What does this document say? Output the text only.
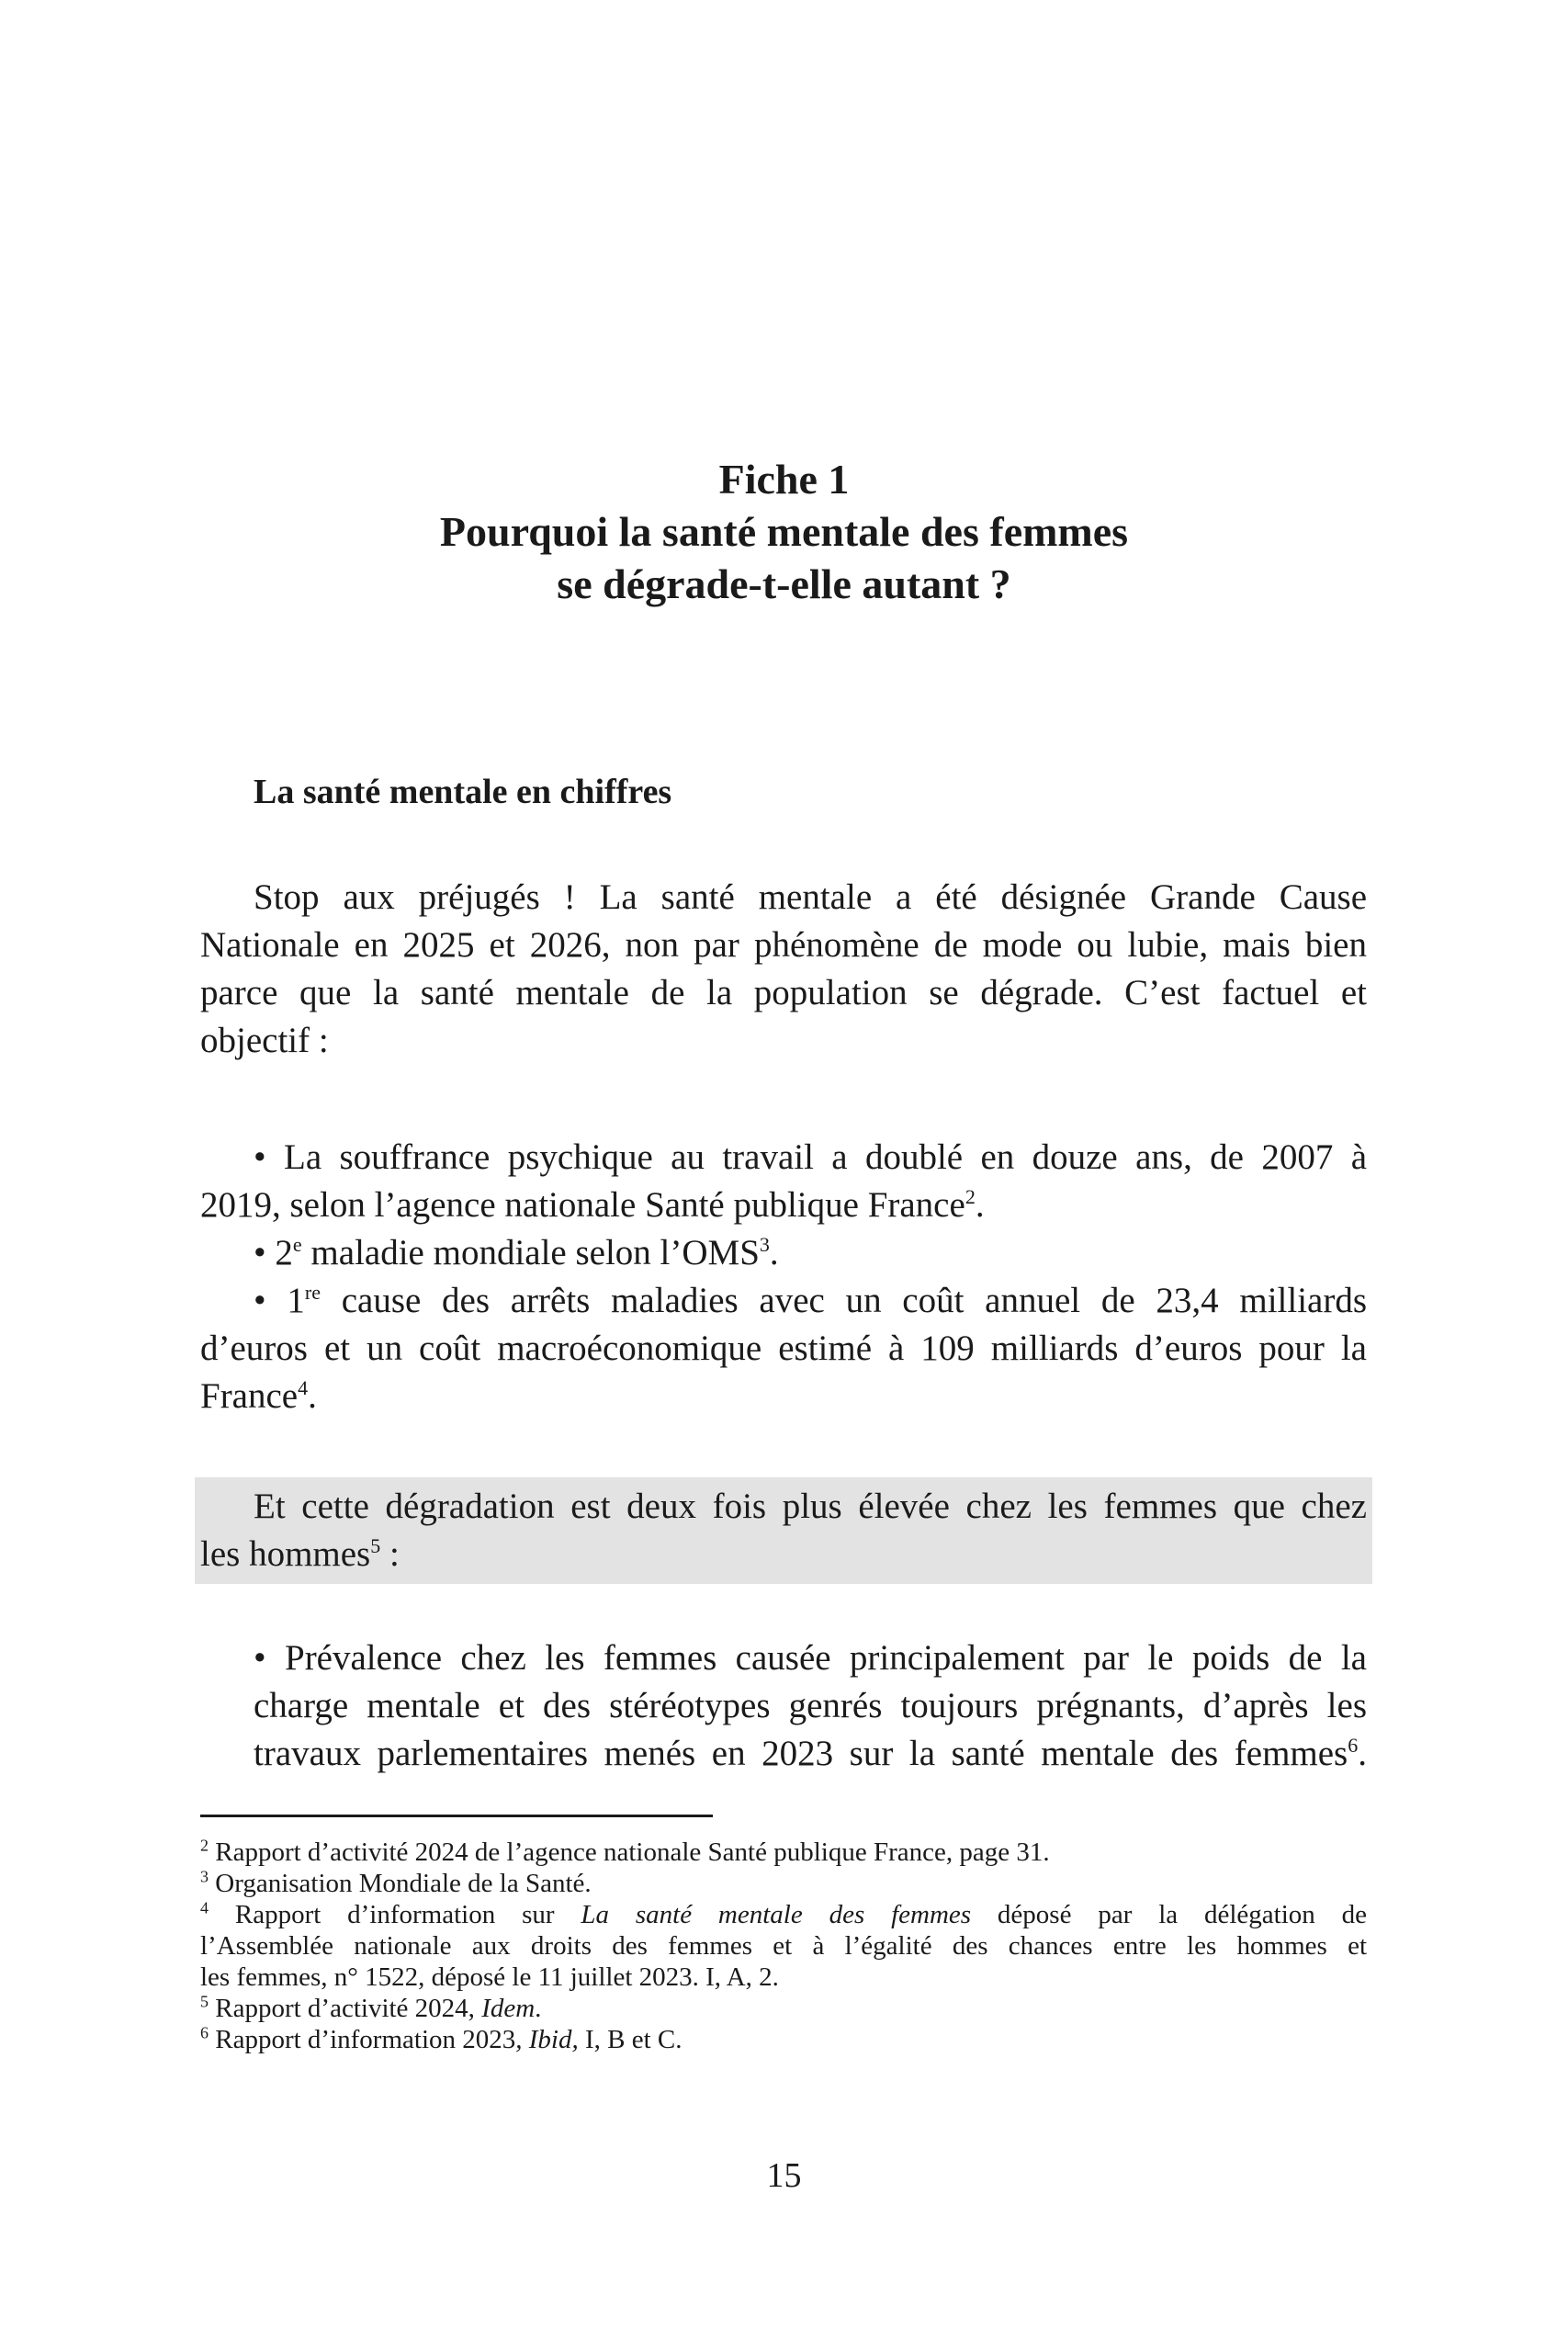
Fiche 1
Pourquoi la santé mentale des femmes
se dégrade-t-elle autant ?
La santé mentale en chiffres
Stop aux préjugés ! La santé mentale a été désignée Grande Cause
Nationale en 2025 et 2026, non par phénomène de mode ou lubie, mais bien
parce que la santé mentale de la population se dégrade. C’est factuel et
objectif :
• La souffrance psychique au travail a doublé en douze ans, de 2007 à
2019, selon l’agence nationale Santé publique France$^2$.
• 2e maladie mondiale selon l’OMS$^3$.
• 1re cause des arrêts maladies avec un coût annuel de 23,4 milliards
d’euros et un coût macroéconomique estimé à 109 milliards d’euros pour la
France$^4$.
Et cette dégradation est deux fois plus élevée chez les femmes que chez
les hommes$^5$ :
• Prévalence chez les femmes causée principalement par le poids de la
charge mentale et des stéréotypes genrés toujours prégnants, d’après les
travaux parlementaires menés en 2023 sur la santé mentale des femmes$^6$.
$^2$ Rapport d’activité 2024 de l’agence nationale Santé publique France, page 31.
$^3$ Organisation Mondiale de la Santé.
$^4$ Rapport d’information sur La santé mentale des femmes déposé par la délégation de
l’Assemblée nationale aux droits des femmes et à l’égalité des chances entre les hommes et
les femmes, n° 1522, déposé le 11 juillet 2023. I, A, 2.
$^5$ Rapport d’activité 2024, Idem.
$^6$ Rapport d’information 2023, Ibid, I, B et C.
15
